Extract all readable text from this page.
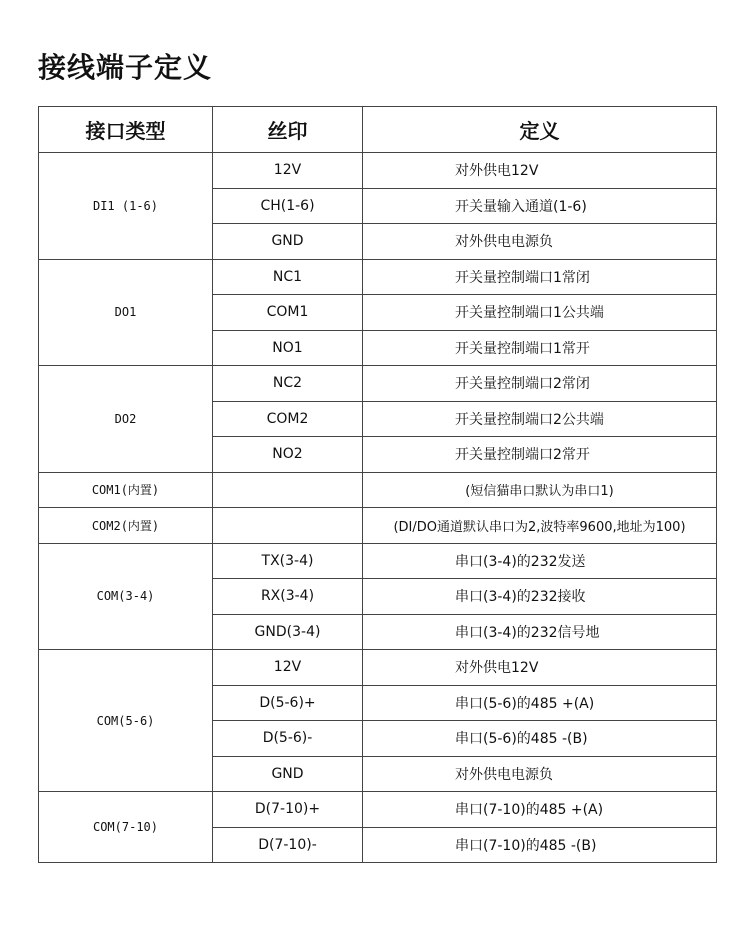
接线端子定义
接口类型	丝印	定义
DI1 (1-6)	12V	对外供电12V
	CH(1-6)	开关量输入通道(1-6)
	GND	对外供电电源负
DO1	NC1	开关量控制端口1常闭
	COM1	开关量控制端口1公共端
	NO1	开关量控制端口1常开
DO2	NC2	开关量控制端口2常闭
	COM2	开关量控制端口2公共端
	NO2	开关量控制端口2常开
COM1(内置)		(短信猫串口默认为串口1)
COM2(内置)		(DI/DO通道默认串口为2,波特率9600,地址为100)
COM(3-4)	TX(3-4)	串口(3-4)的232发送
	RX(3-4)	串口(3-4)的232接收
	GND(3-4)	串口(3-4)的232信号地
COM(5-6)	12V	对外供电12V
	D(5-6)+	串口(5-6)的485 +(A)
	D(5-6)-	串口(5-6)的485 -(B)
	GND	对外供电电源负
COM(7-10)	D(7-10)+	串口(7-10)的485 +(A)
	D(7-10)-	串口(7-10)的485 -(B)
